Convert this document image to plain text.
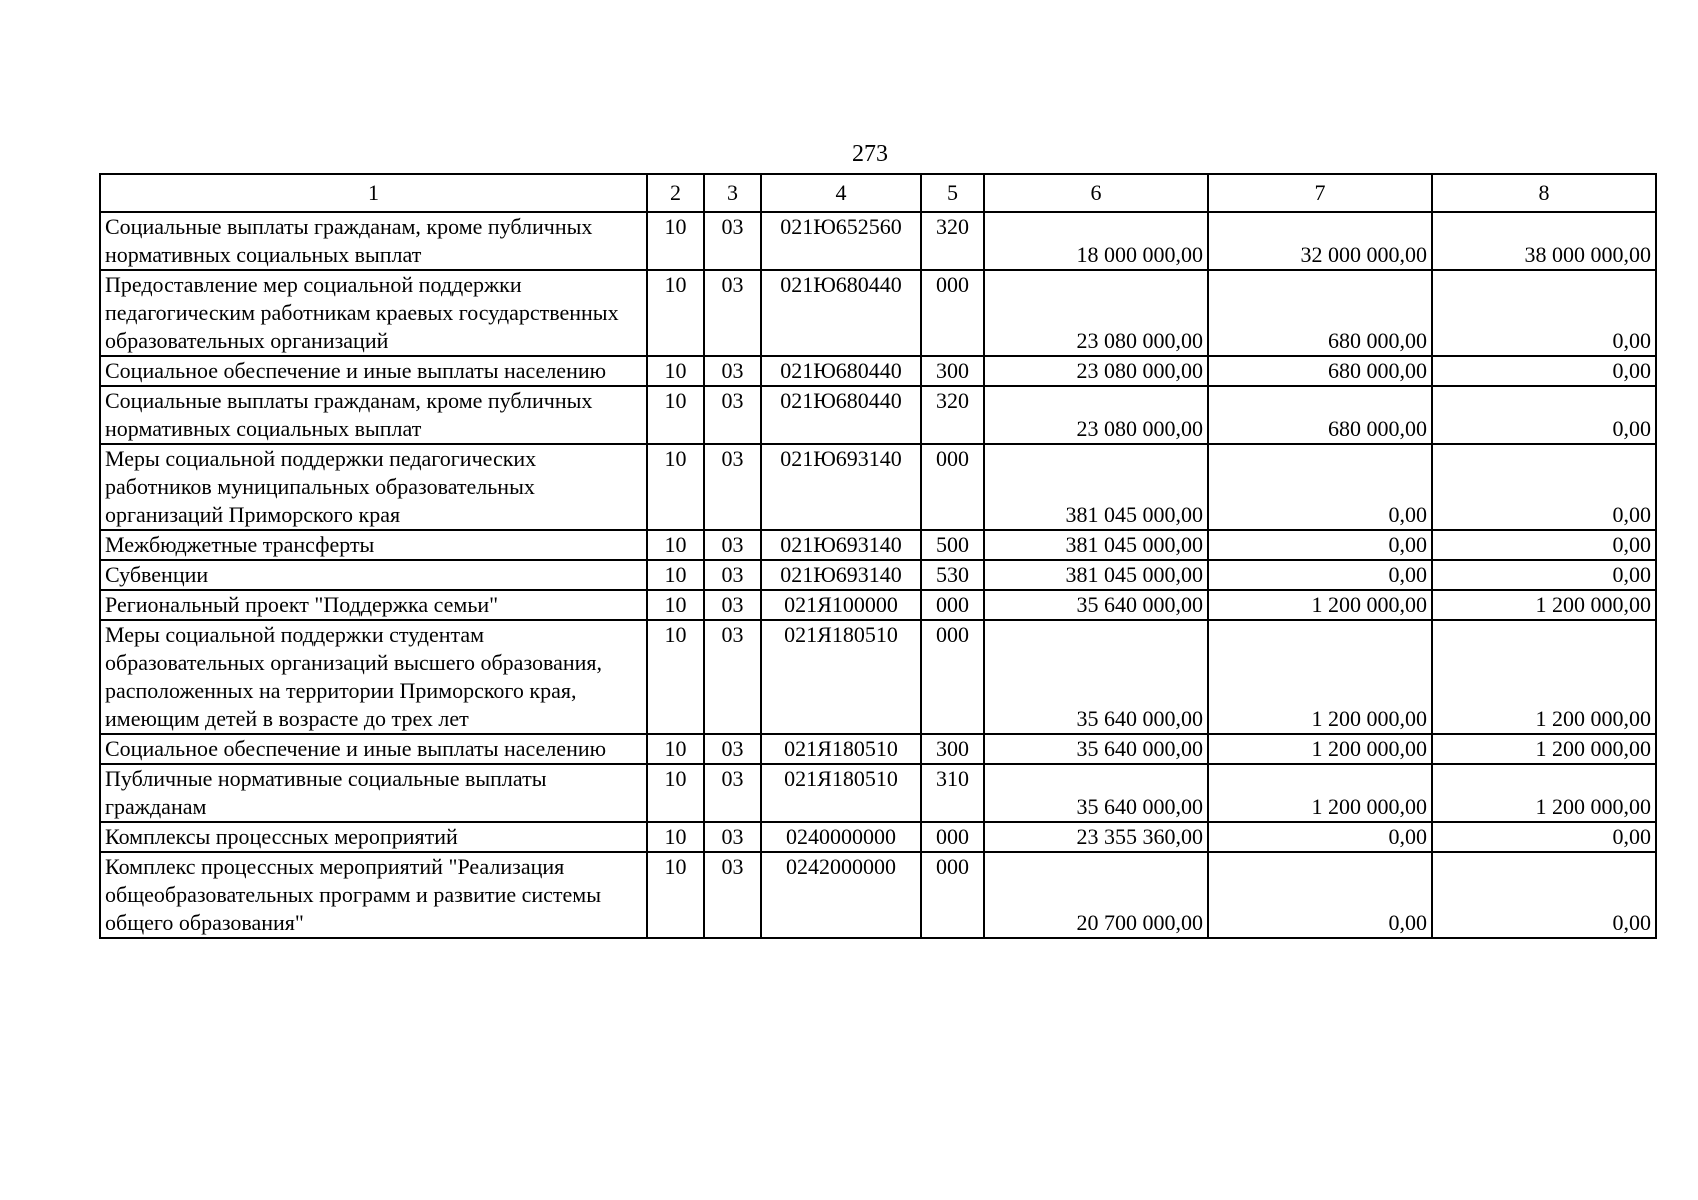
273
1	2	3	4	5	6	7	8
Социальные выплаты гражданам, кроме публичных нормативных социальных выплат	10	03	021Ю652560	320	18 000 000,00	32 000 000,00	38 000 000,00
Предоставление мер социальной поддержки педагогическим работникам краевых государственных образовательных организаций	10	03	021Ю680440	000	23 080 000,00	680 000,00	0,00
Социальное обеспечение и иные выплаты населению	10	03	021Ю680440	300	23 080 000,00	680 000,00	0,00
Социальные выплаты гражданам, кроме публичных нормативных социальных выплат	10	03	021Ю680440	320	23 080 000,00	680 000,00	0,00
Меры социальной поддержки педагогических работников муниципальных образовательных организаций Приморского края	10	03	021Ю693140	000	381 045 000,00	0,00	0,00
Межбюджетные трансферты	10	03	021Ю693140	500	381 045 000,00	0,00	0,00
Субвенции	10	03	021Ю693140	530	381 045 000,00	0,00	0,00
Региональный проект "Поддержка семьи"	10	03	021Я100000	000	35 640 000,00	1 200 000,00	1 200 000,00
Меры социальной поддержки студентам образовательных организаций высшего образования, расположенных на территории Приморского края, имеющим детей в возрасте до трех лет	10	03	021Я180510	000	35 640 000,00	1 200 000,00	1 200 000,00
Социальное обеспечение и иные выплаты населению	10	03	021Я180510	300	35 640 000,00	1 200 000,00	1 200 000,00
Публичные нормативные социальные выплаты гражданам	10	03	021Я180510	310	35 640 000,00	1 200 000,00	1 200 000,00
Комплексы процессных мероприятий	10	03	0240000000	000	23 355 360,00	0,00	0,00
Комплекс процессных мероприятий "Реализация общеобразовательных программ и развитие системы общего образования"	10	03	0242000000	000	20 700 000,00	0,00	0,00
